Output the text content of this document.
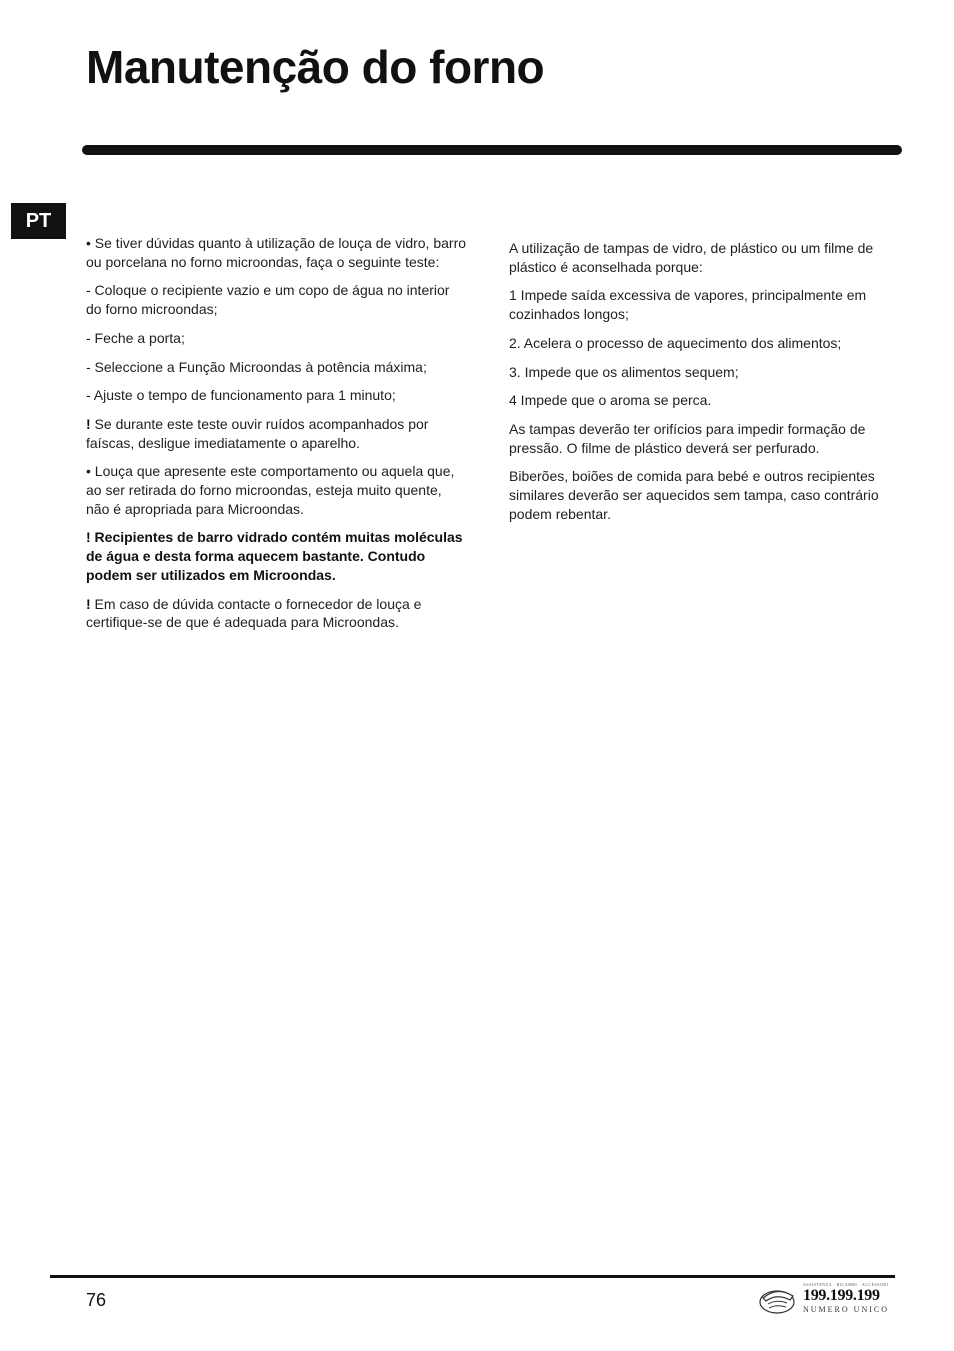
Manutenção do forno
PT

• Se tiver dúvidas quanto à utilização de louça de vidro, barro ou porcelana no forno microondas, faça o seguinte teste:

- Coloque o recipiente vazio e um copo de água no interior do forno microondas;

- Feche a porta;

- Seleccione a Função Microondas à potência máxima;

- Ajuste o tempo de funcionamento para 1 minuto;

! Se durante este teste ouvir ruídos acompanhados por faíscas, desligue imediatamente o aparelho.

• Louça que apresente este comportamento ou aquela que, ao ser retirada do forno microondas, esteja muito quente, não é apropriada para Microondas.

! Recipientes de barro vidrado contém muitas moléculas de água e desta forma aquecem bastante. Contudo podem ser utilizados em Microondas.

! Em caso de dúvida contacte o fornecedor de louça e certifique-se de que é adequada para Microondas.

A utilização de tampas de vidro, de plástico ou um filme de plástico é aconselhada porque:

1 Impede saída excessiva de vapores, principalmente em cozinhados longos;

2. Acelera o processo de aquecimento dos alimentos;

3. Impede que os alimentos sequem;

4 Impede que o aroma se perca.

As tampas deverão ter orifícios para impedir formação de pressão. O filme de plástico deverá ser perfurado.

Biberões, boiões de comida para bebé e outros recipientes similares deverão ser aquecidos sem tampa, caso contrário podem rebentar.

76
ASSISTENZA · RICAMBI · ACCESSORI
199.199.199
NUMERO UNICO
